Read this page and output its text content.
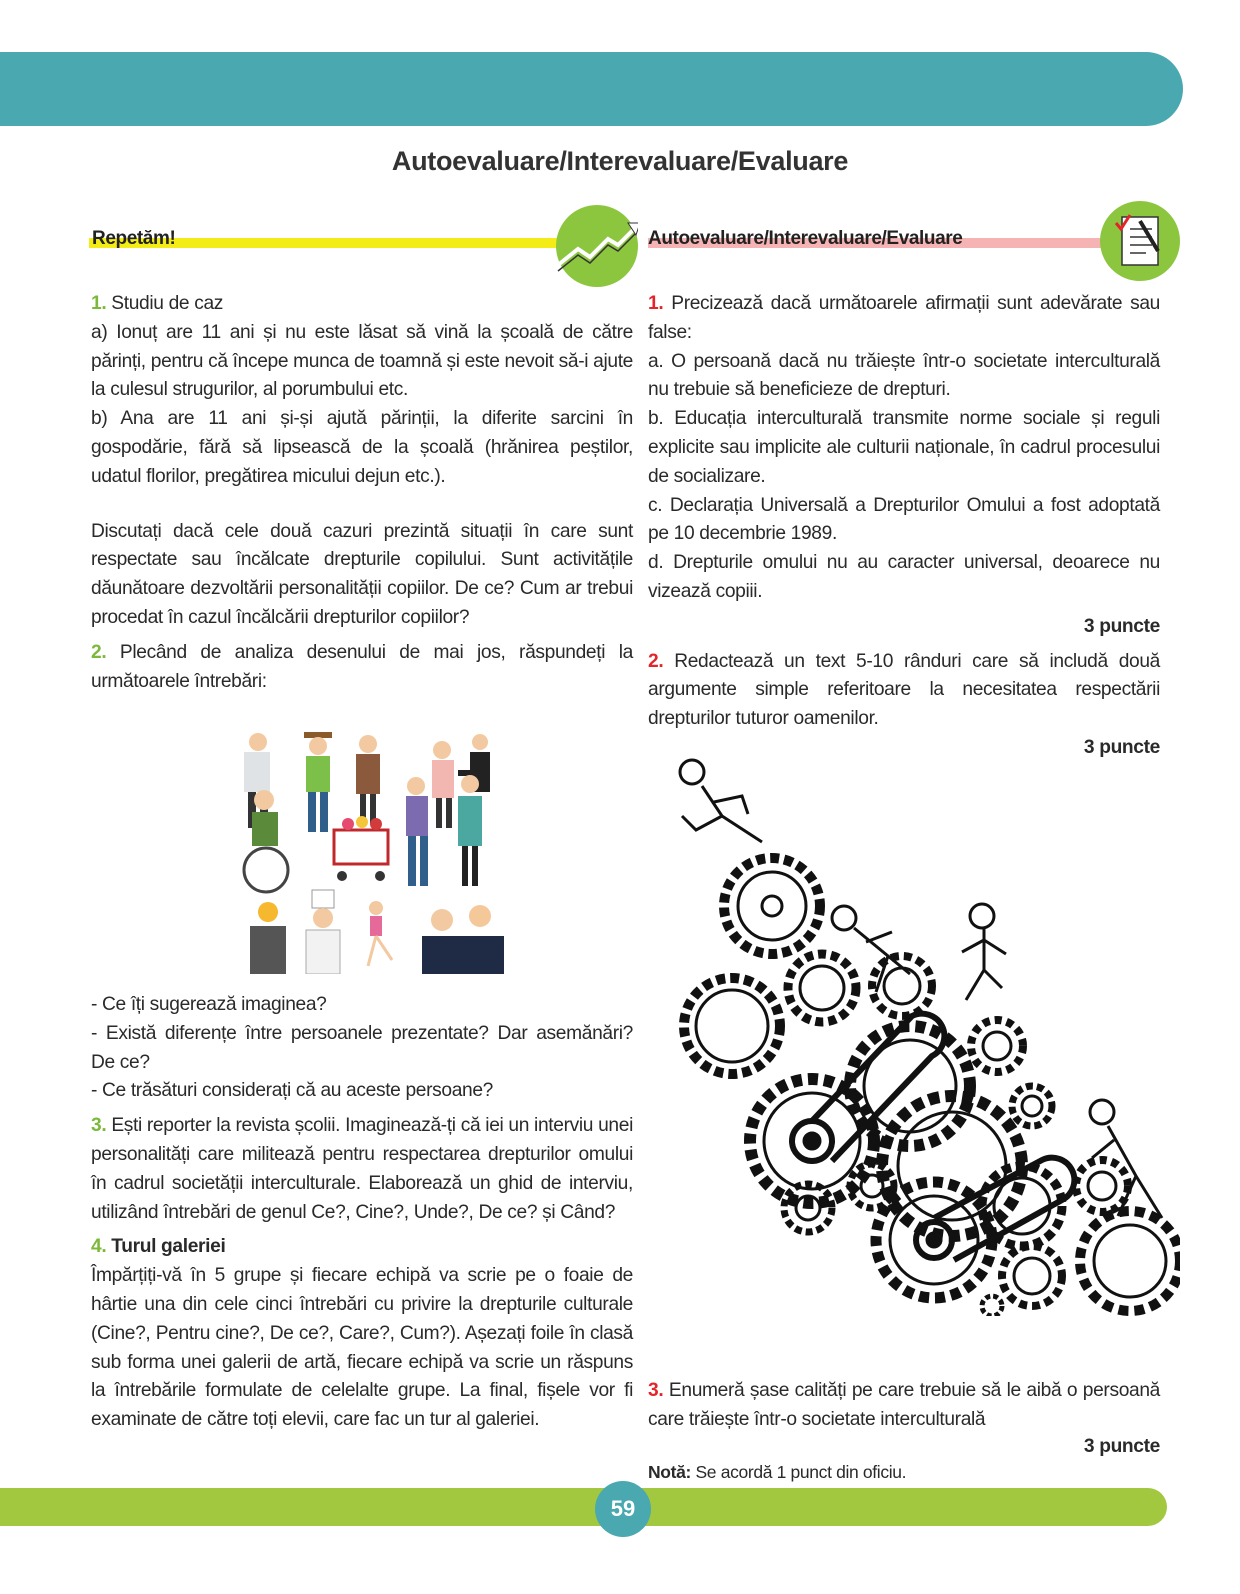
Autoevaluare/Interevaluare/Evaluare
Repetăm!	Autoevaluare/Interevaluare/Evaluare

1. Studiu de caz

a) Ionuț are 11 ani și nu este lăsat să vină la școală de către părinți, pentru că începe munca de toamnă și este nevoit să-i ajute la culesul strugurilor, al porumbului etc.

b) Ana are 11 ani și-și ajută părinții, la diferite sarcini în gospodărie, fără să lipsească de la școală (hrănirea peștilor, udatul florilor, pregătirea micului dejun etc.).

Discutați dacă cele două cazuri prezintă situații în care sunt respectate sau încălcate drepturile copilului. Sunt activitățile dăunătoare dezvoltării personalității copiilor. De ce? Cum ar trebui procedat în cazul încălcării drepturilor copiilor?

2. Plecând de analiza desenului de mai jos, răspundeți la următoarele întrebări:

- Ce îți sugerează imaginea?

- Există diferențe între persoanele prezentate? Dar asemănări? De ce?

- Ce trăsături considerați că au aceste persoane?

3. Ești reporter la revista școlii. Imaginează-ți că iei un interviu unei personalități care militează pentru respectarea drepturilor omului în cadrul societății interculturale. Elaborează un ghid de interviu, utilizând întrebări de genul Ce?, Cine?, Unde?, De ce? și Când?

4. Turul galeriei

Împărțiți-vă în 5 grupe și fiecare echipă va scrie pe o foaie de hârtie una din cele cinci întrebări cu privire la drepturile culturale (Cine?, Pentru cine?, De ce?, Care?, Cum?). Așezați foile în clasă sub forma unei galerii de artă, fiecare echipă va scrie un răspuns la întrebările formulate de celelalte grupe. La final, fișele vor fi examinate de către toți elevii, care fac un tur al galeriei.

1. Precizează dacă următoarele afirmații sunt adevărate sau false:

a. O persoană dacă nu trăiește într-o societate interculturală nu trebuie să beneficieze de drepturi.

b. Educația interculturală transmite norme sociale și reguli explicite sau implicite ale culturii naționale, în cadrul procesului de socializare.

c. Declarația Universală a Drepturilor Omului a fost adoptată pe 10 decembrie 1989.

d. Drepturile omului nu au caracter universal, deoarece nu vizează copiii.

3 puncte

2. Redactează un text 5-10 rânduri care să includă două argumente simple referitoare la necesitatea respectării drepturilor tuturor oamenilor.

3 puncte

3. Enumeră șase calități pe care trebuie să le aibă o persoană care trăiește într-o societate interculturală

3 puncte

Notă: Se acordă 1 punct din oficiu.

59
